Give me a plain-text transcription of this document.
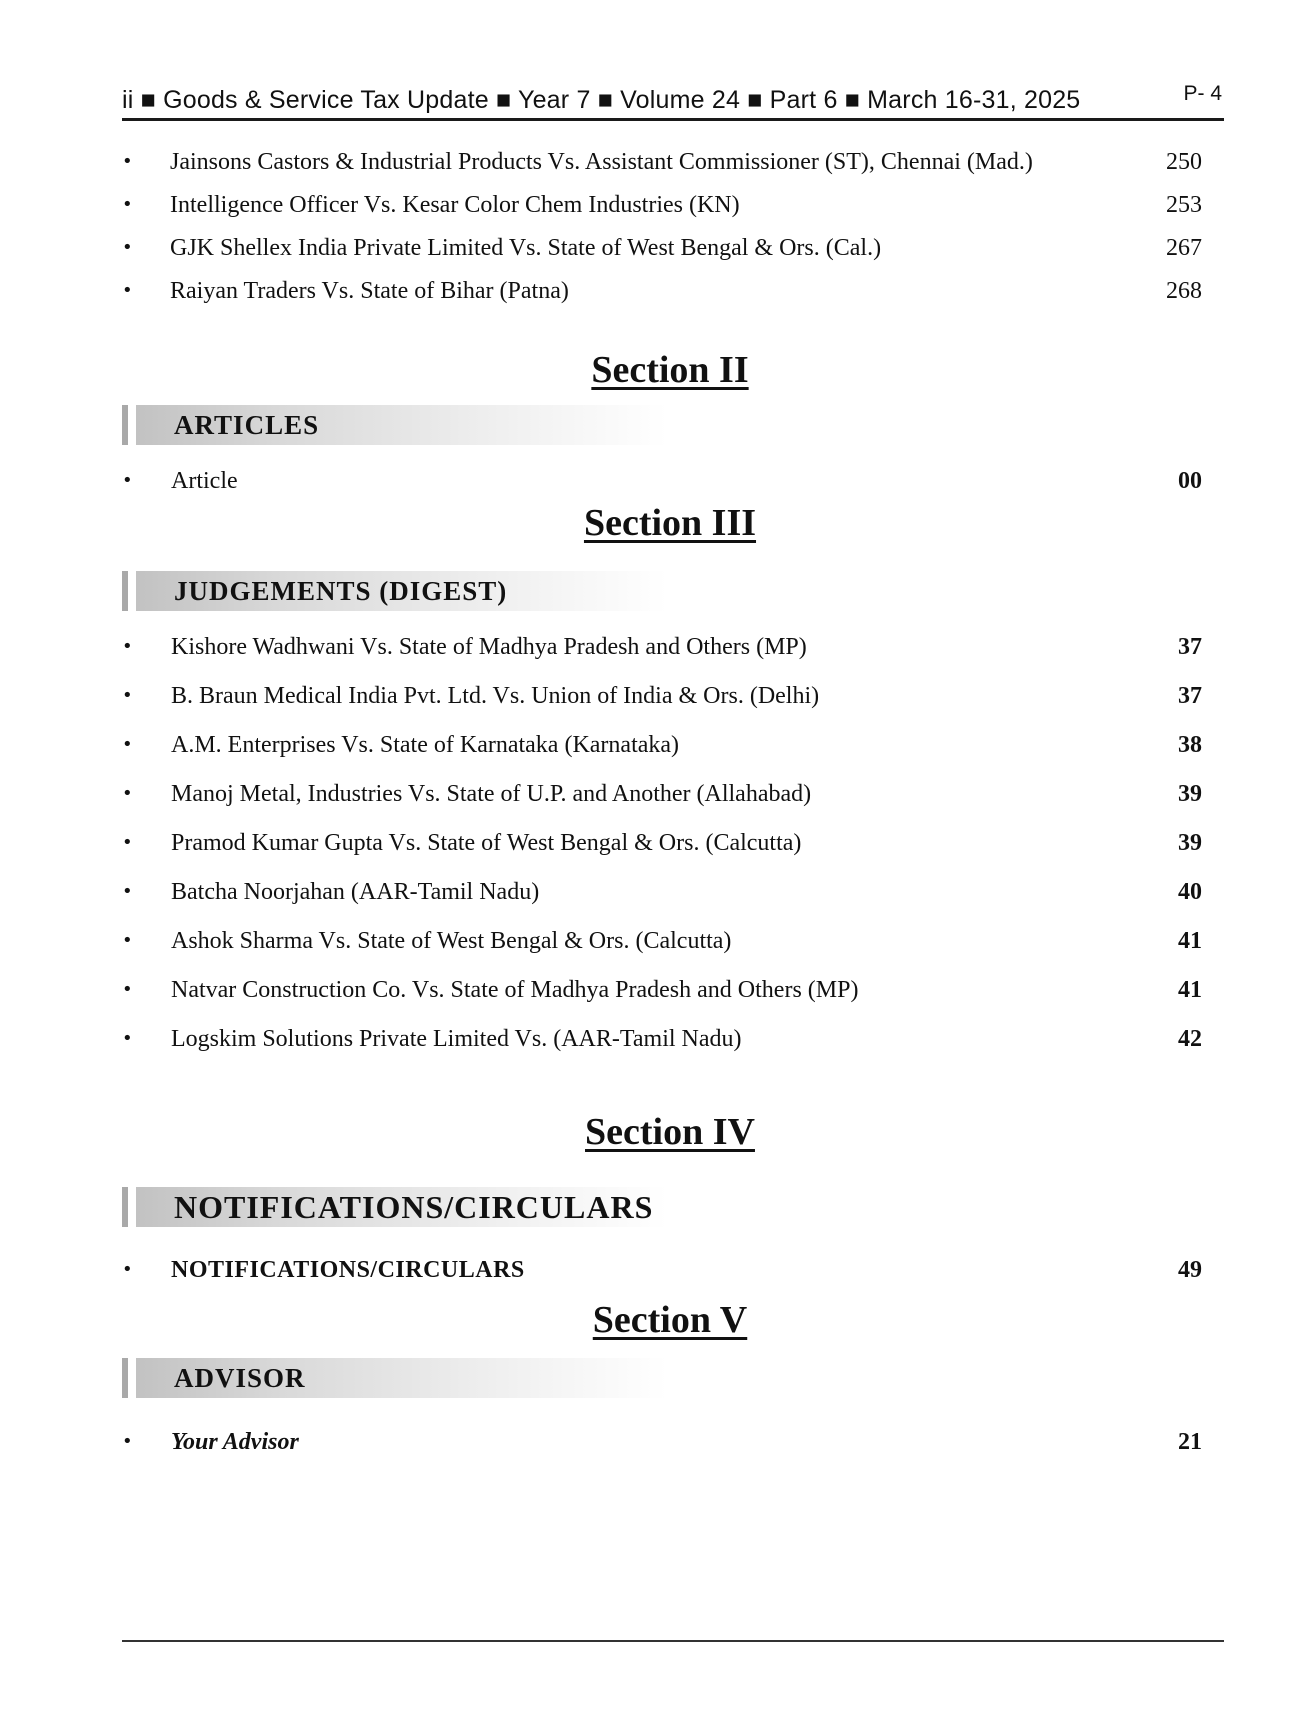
ii ■ Goods & Service Tax Update ■ Year 7 ■ Volume 24 ■ Part 6 ■ March 16-31, 2025	P- 4
• Jainsons Castors & Industrial Products Vs. Assistant Commissioner (ST), Chennai (Mad.)	250
• Intelligence Officer Vs. Kesar Color Chem Industries (KN)	253
• GJK Shellex India Private Limited Vs. State of West Bengal & Ors. (Cal.)	267
• Raiyan Traders Vs. State of Bihar (Patna)	268
Section II
ARTICLES
• Article	00
Section III
JUDGEMENTS (DIGEST)
• Kishore Wadhwani Vs. State of Madhya Pradesh and Others (MP)	37
• B. Braun Medical India Pvt. Ltd. Vs. Union of India & Ors. (Delhi)	37
• A.M. Enterprises Vs. State of Karnataka (Karnataka)	38
• Manoj Metal, Industries Vs. State of U.P. and Another (Allahabad)	39
• Pramod Kumar Gupta Vs. State of West Bengal & Ors. (Calcutta)	39
• Batcha Noorjahan (AAR-Tamil Nadu)	40
• Ashok Sharma Vs. State of West Bengal & Ors. (Calcutta)	41
• Natvar Construction Co. Vs. State of Madhya Pradesh and Others (MP)	41
• Logskim Solutions Private Limited Vs. (AAR-Tamil Nadu)	42
Section IV
NOTIFICATIONS/CIRCULARS
• NOTIFICATIONS/CIRCULARS	49
Section V
ADVISOR
• Your Advisor	21
